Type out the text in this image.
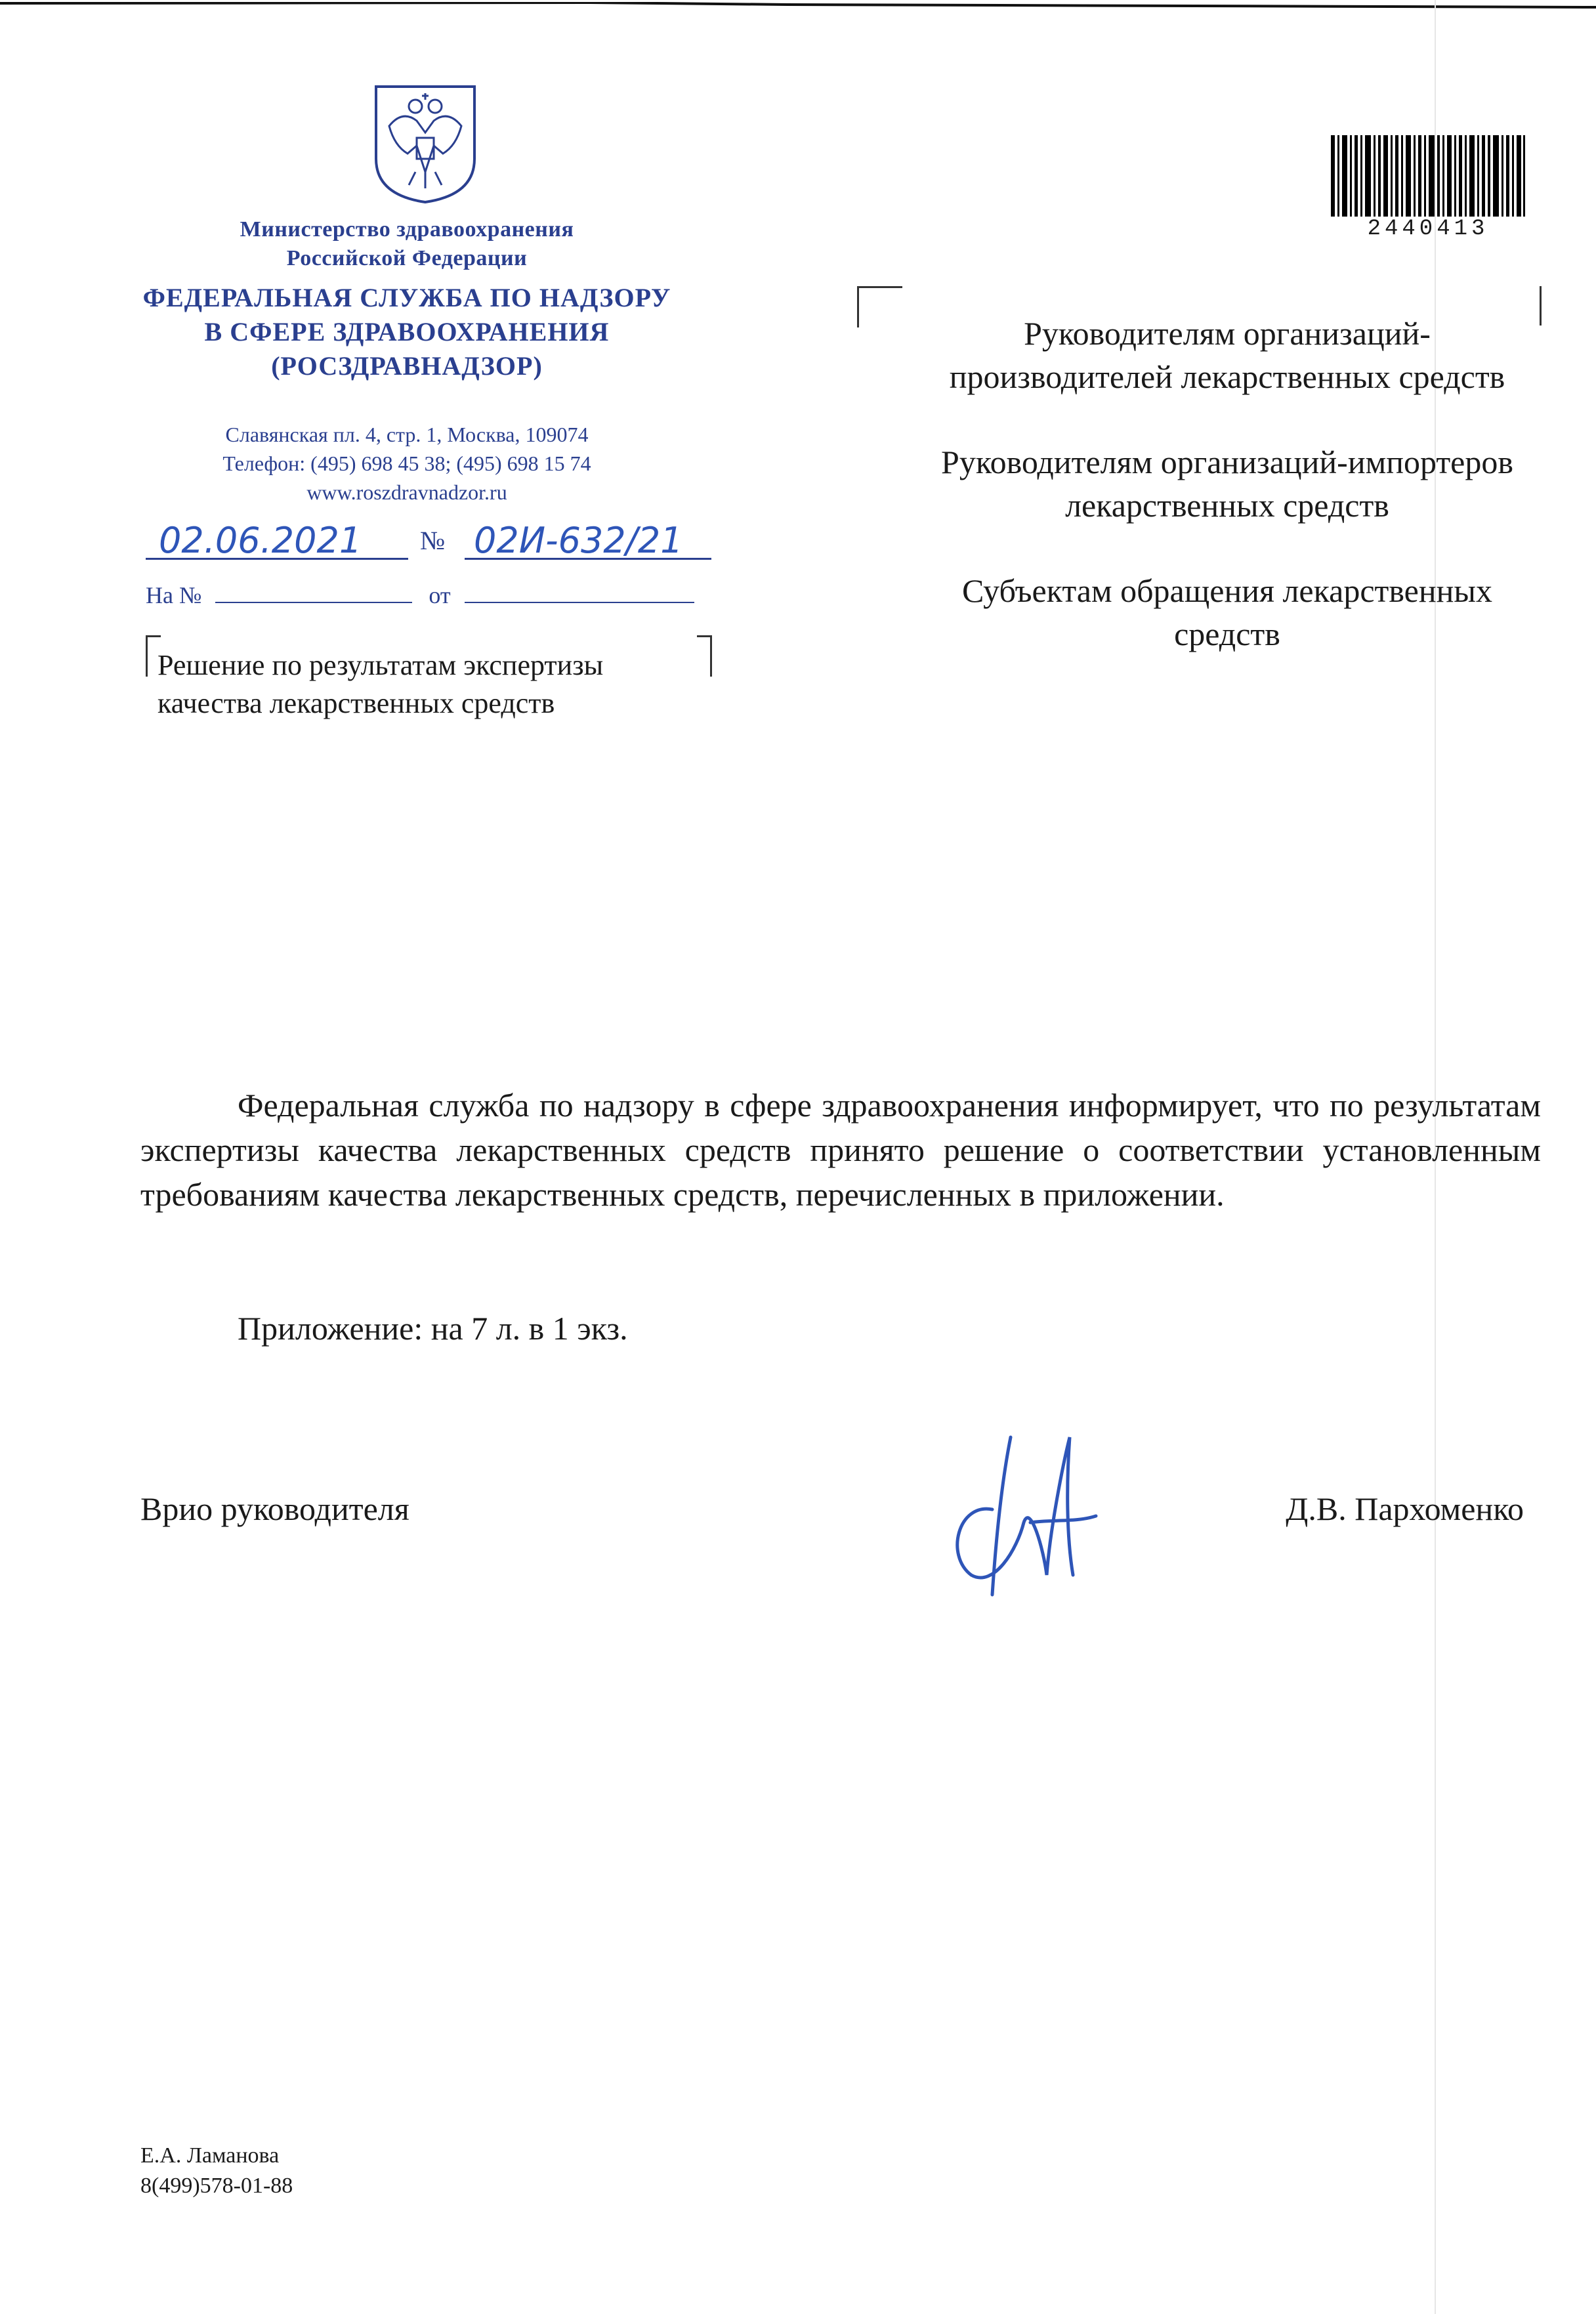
Министерство здравоохранения
Российской Федерации
ФЕДЕРАЛЬНАЯ СЛУЖБА ПО НАДЗОРУ
В СФЕРЕ ЗДРАВООХРАНЕНИЯ
(РОСЗДРАВНАДЗОР)
Славянская пл. 4, стр. 1, Москва, 109074
Телефон: (495) 698 45 38; (495) 698 15 74
www.roszdravnadzor.ru
02.06.2021 № 02И-632/21
На №	от
Решение по результатам экспертизы
качества лекарственных средств
2440413

Руководителям организаций-производителей лекарственных средств

Руководителям организаций-импортеров лекарственных средств

Субъектам обращения лекарственных средств

Федеральная служба по надзору в сфере здравоохранения информирует, что по результатам экспертизы качества лекарственных средств принято решение о соответствии установленным требованиям качества лекарственных средств, перечисленных в приложении.

Приложение: на 7 л. в 1 экз.
Врио руководителя	Д.В. Пархоменко
Е.А. Ламанова
8(499)578-01-88
